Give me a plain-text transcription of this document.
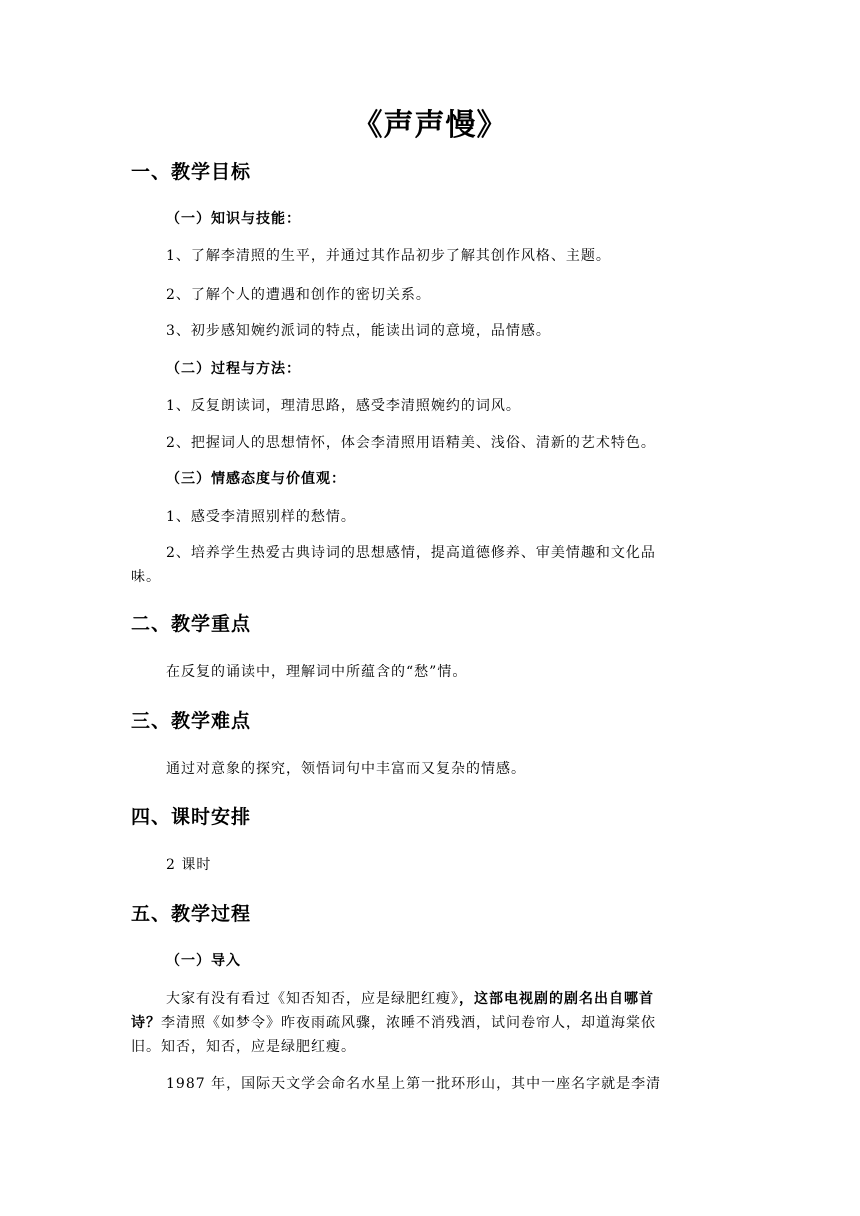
《声声慢》
一、教学目标
（一）知识与技能：
1、了解李清照的生平，并通过其作品初步了解其创作风格、主题。
2、了解个人的遭遇和创作的密切关系。
3、初步感知婉约派词的特点，能读出词的意境，品情感。
（二）过程与方法：
1、反复朗读词，理清思路，感受李清照婉约的词风。
2、把握词人的思想情怀，体会李清照用语精美、浅俗、清新的艺术特色。
（三）情感态度与价值观：
1、感受李清照别样的愁情。
2、培养学生热爱古典诗词的思想感情，提高道德修养、审美情趣和文化品
味。
二、教学重点
在反复的诵读中，理解词中所蕴含的“愁”情。
三、教学难点
通过对意象的探究，领悟词句中丰富而又复杂的情感。
四、课时安排
2 课时
五、教学过程
（一）导入
大家有没有看过《知否知否，应是绿肥红瘦》，这部电视剧的剧名出自哪首
诗？李清照《如梦令》昨夜雨疏风骤，浓睡不消残酒，试问卷帘人，却道海棠依
旧。知否，知否，应是绿肥红瘦。
1987 年，国际天文学会命名水星上第一批环形山，其中一座名字就是李清
